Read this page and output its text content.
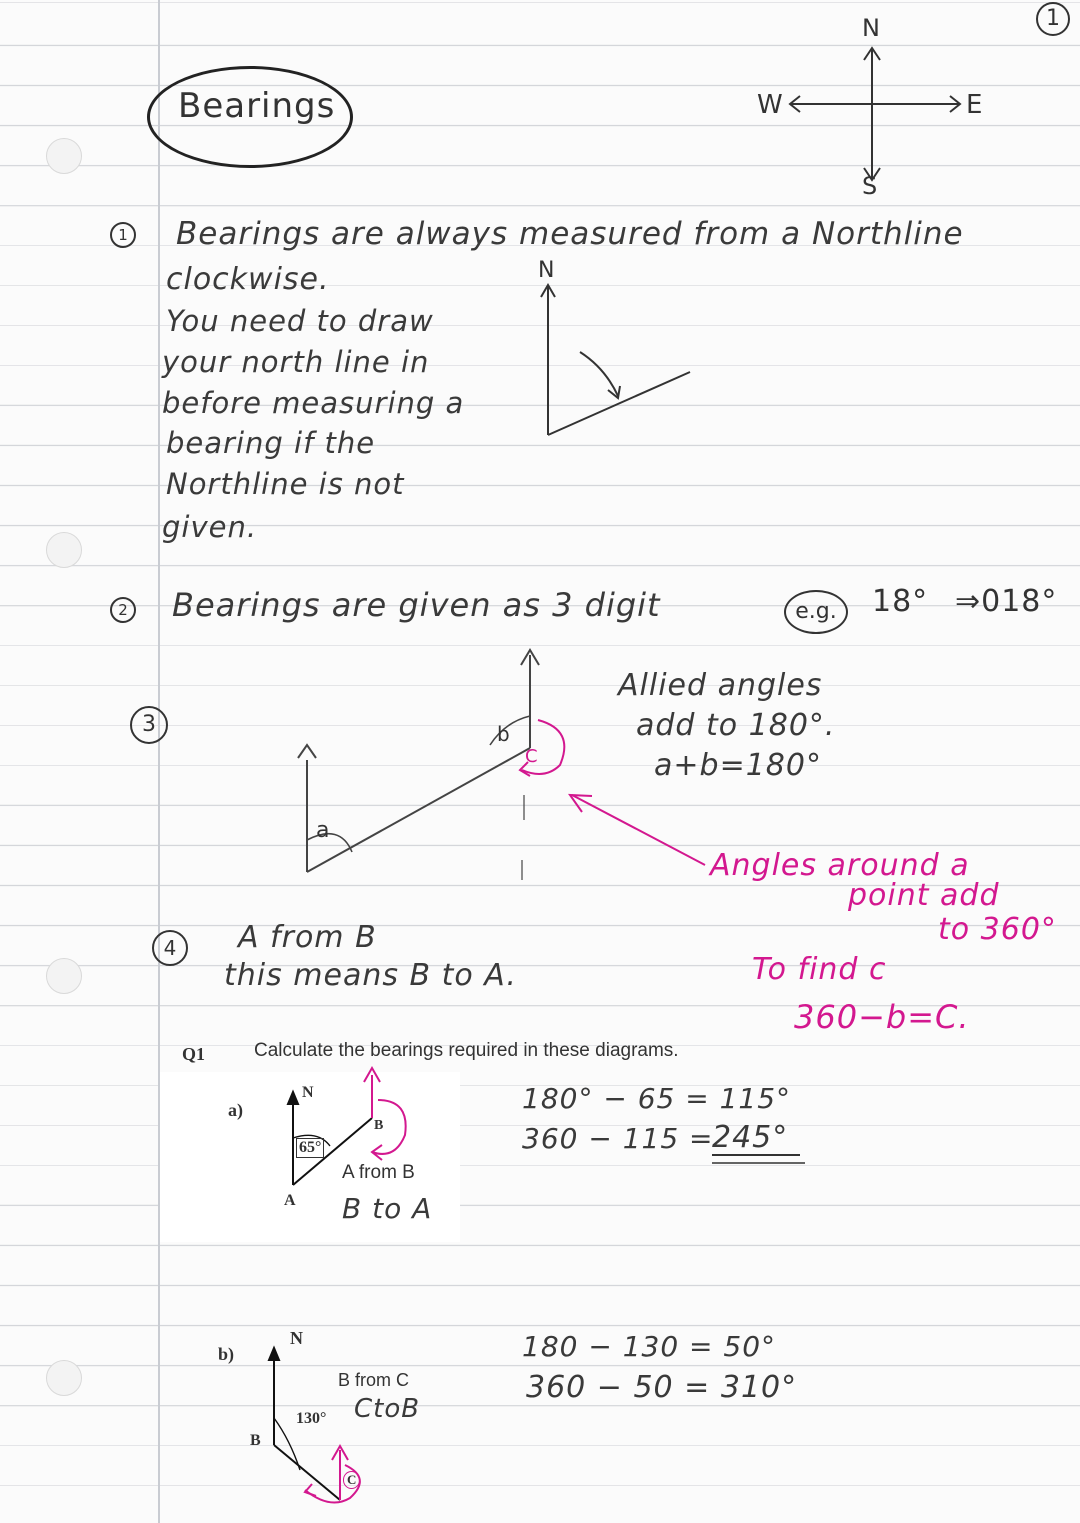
1
Bearings
N
S
E
W
1 Bearings are always measured from a Northline
clockwise.	N
You need to draw
your north line in
before measuring a
bearing if the
Northline is not
given.
2 Bearings are given as 3 digit	e.g.	18° ⇒018°
3
a
b
C
Allied angles
add to 180°.
a+b=180°
Angles around a
point add
to 360°
To find c
360−b=C.
4	A from B
this means B to A.
Q1	Calculate the bearings required in these diagrams.
a)
N
65°
A
B
A from B
B to A
180° − 65 = 115°
360 − 115 =
245°
b)
N
130°
B
C
B from C
CtoB
180 − 130 = 50°
360 − 50 = 310°
